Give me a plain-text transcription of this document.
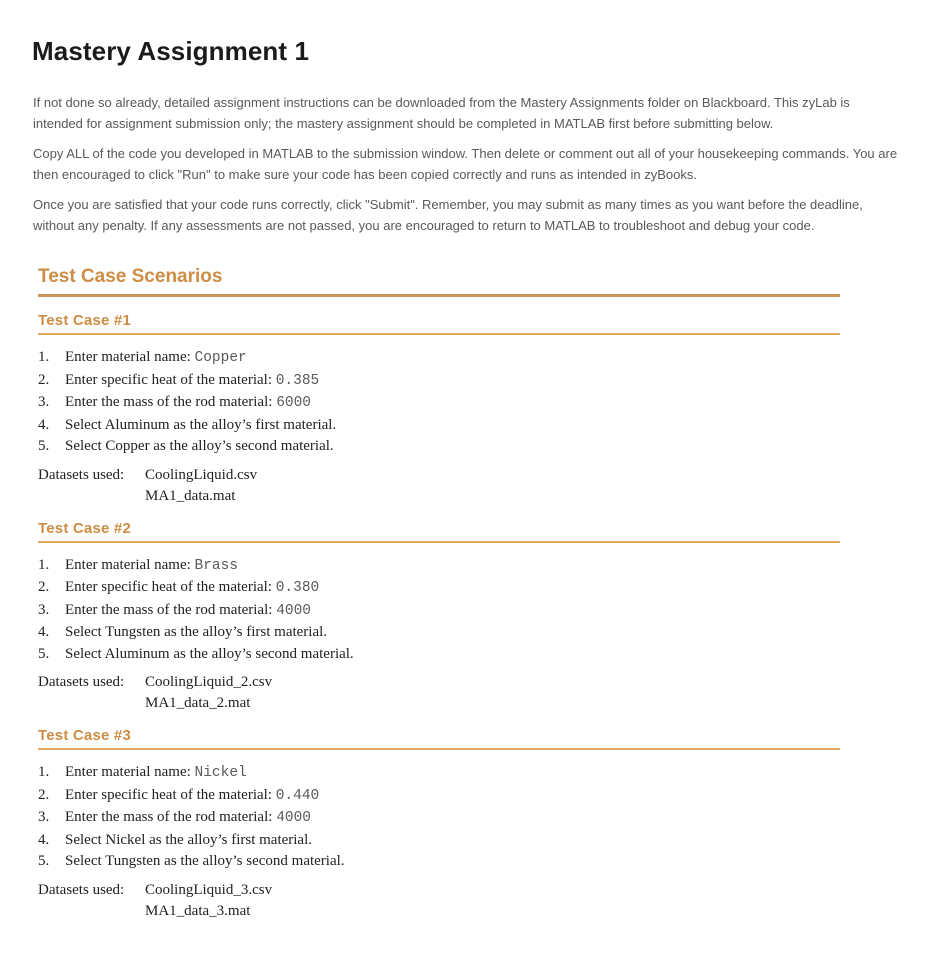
Mastery Assignment 1

If not done so already, detailed assignment instructions can be downloaded from the Mastery Assignments folder on Blackboard. This zyLab is intended for assignment submission only; the mastery assignment should be completed in MATLAB first before submitting below.

Copy ALL of the code you developed in MATLAB to the submission window. Then delete or comment out all of your housekeeping commands. You are then encouraged to click "Run" to make sure your code has been copied correctly and runs as intended in zyBooks.

Once you are satisfied that your code runs correctly, click "Submit". Remember, you may submit as many times as you want before the deadline, without any penalty. If any assessments are not passed, you are encouraged to return to MATLAB to troubleshoot and debug your code.

Test Case Scenarios
Test Case #1
1.	Enter material name: Copper
2.	Enter specific heat of the material: 0.385
3.	Enter the mass of the rod material: 6000
4.	Select Aluminum as the alloy’s first material.
5.	Select Copper as the alloy’s second material.
Datasets used:	CoolingLiquid.csv
MA1_data.mat
Test Case #2
1.	Enter material name: Brass
2.	Enter specific heat of the material: 0.380
3.	Enter the mass of the rod material: 4000
4.	Select Tungsten as the alloy’s first material.
5.	Select Aluminum as the alloy’s second material.
Datasets used:	CoolingLiquid_2.csv
MA1_data_2.mat
Test Case #3
1.	Enter material name: Nickel
2.	Enter specific heat of the material: 0.440
3.	Enter the mass of the rod material: 4000
4.	Select Nickel as the alloy’s first material.
5.	Select Tungsten as the alloy’s second material.
Datasets used:	CoolingLiquid_3.csv
MA1_data_3.mat
